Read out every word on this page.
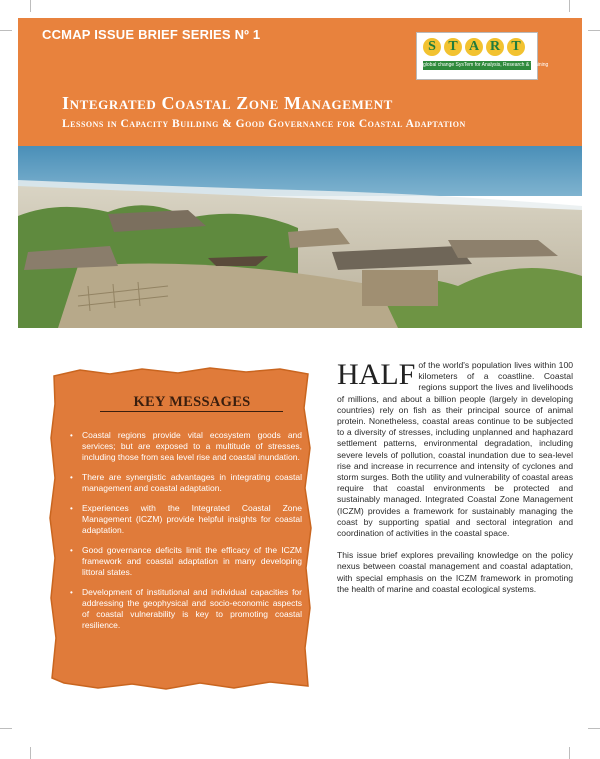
CCMAP ISSUE BRIEF SERIES Nº 1
S T A R T
global change SysTem for Analysis, Research & Training
Integrated Coastal Zone Management
Lessons in Capacity Building & Good Governance for Coastal Adaptation
KEY MESSAGES
• Coastal regions provide vital ecosystem goods and services; but are exposed to a multitude of stresses, including those from sea level rise and coastal inundation.
• There are synergistic advantages in integrating coastal management and coastal adaptation.
• Experiences with the Integrated Coastal Zone Management (ICZM) provide helpful insights for coastal adaptation.
• Good governance deficits limit the efficacy of the ICZM framework and coastal adaptation in many developing littoral states.
• Development of institutional and individual capacities for addressing the geophysical and socio-economic aspects of coastal vulnerability is key to promoting coastal resilience.

HALF of the world's population lives within 100 kilometers of a coastline. Coastal regions support the lives and livelihoods of millions, and about a billion people (largely in developing countries) rely on fish as their principal source of animal protein. Nonetheless, coastal areas continue to be subjected to a diversity of stresses, including unplanned and haphazard settlement patterns, environmental degradation, including severe levels of pollution, coastal inundation due to sea-level rise and increase in recurrence and intensity of cyclones and storm surges. Both the utility and vulnerability of coastal areas require that coastal environments be protected and sustainably managed. Integrated Coastal Zone Management (ICZM) provides a framework for sustainably managing the coast by supporting spatial and sectoral integration and coordination of activities in the coastal space.

This issue brief explores prevailing knowledge on the policy nexus between coastal management and coastal adaptation, with special emphasis on the ICZM framework in promoting the health of marine and coastal ecological systems.
